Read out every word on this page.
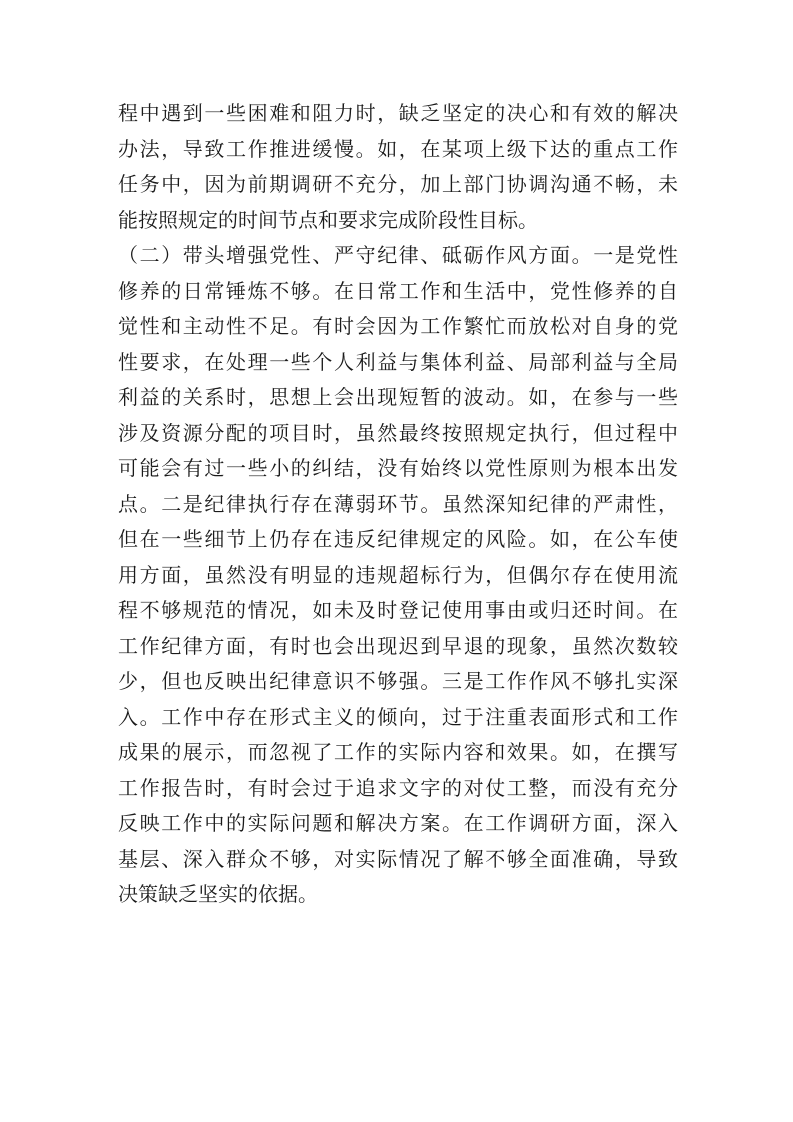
程中遇到一些困难和阻力时，缺乏坚定的决心和有效的解决
办法，导致工作推进缓慢。如，在某项上级下达的重点工作
任务中，因为前期调研不充分，加上部门协调沟通不畅，未
能按照规定的时间节点和要求完成阶段性目标。
（二）带头增强党性、严守纪律、砥砺作风方面。一是党性
修养的日常锤炼不够。在日常工作和生活中，党性修养的自
觉性和主动性不足。有时会因为工作繁忙而放松对自身的党
性要求，在处理一些个人利益与集体利益、局部利益与全局
利益的关系时，思想上会出现短暂的波动。如，在参与一些
涉及资源分配的项目时，虽然最终按照规定执行，但过程中
可能会有过一些小的纠结，没有始终以党性原则为根本出发
点。二是纪律执行存在薄弱环节。虽然深知纪律的严肃性，
但在一些细节上仍存在违反纪律规定的风险。如，在公车使
用方面，虽然没有明显的违规超标行为，但偶尔存在使用流
程不够规范的情况，如未及时登记使用事由或归还时间。在
工作纪律方面，有时也会出现迟到早退的现象，虽然次数较
少，但也反映出纪律意识不够强。三是工作作风不够扎实深
入。工作中存在形式主义的倾向，过于注重表面形式和工作
成果的展示，而忽视了工作的实际内容和效果。如，在撰写
工作报告时，有时会过于追求文字的对仗工整，而没有充分
反映工作中的实际问题和解决方案。在工作调研方面，深入
基层、深入群众不够，对实际情况了解不够全面准确，导致
决策缺乏坚实的依据。
